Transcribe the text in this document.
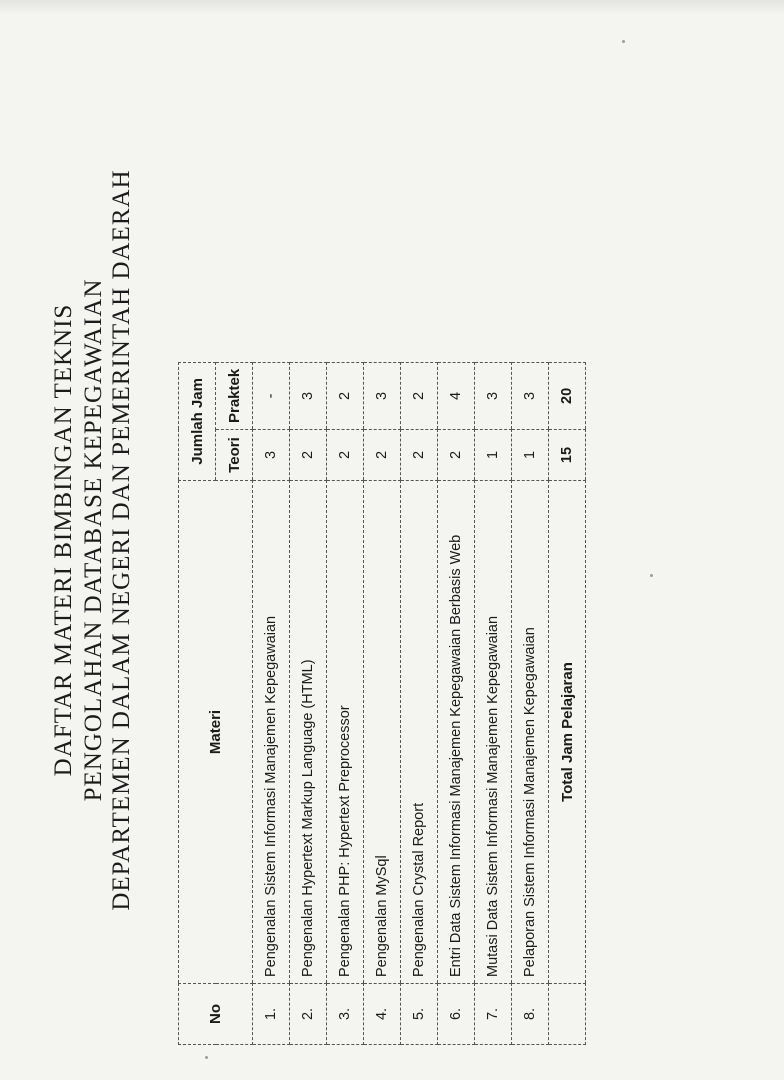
DAFTAR MATERI BIMBINGAN TEKNIS PENGOLAHAN DATABASE KEPEGAWAIAN DEPARTEMEN DALAM NEGERI DAN PEMERINTAH DAERAH
No	Materi	Jumlah Jam	
		Teori	Praktek
1.	Pengenalan Sistem Informasi Manajemen Kepegawaian	3	-
2.	Pengenalan Hypertext Markup Language (HTML)	2	3
3.	Pengenalan PHP: Hypertext Preprocessor	2	2
4.	Pengenalan MySql	2	3
5.	Pengenalan Crystal Report	2	2
6.	Entri Data Sistem Informasi Manajemen Kepegawaian Berbasis Web	2	4
7.	Mutasi Data Sistem Informasi Manajemen Kepegawaian	1	3
8.	Pelaporan Sistem Informasi Manajemen Kepegawaian	1	3
	Total Jam Pelajaran	15	20
